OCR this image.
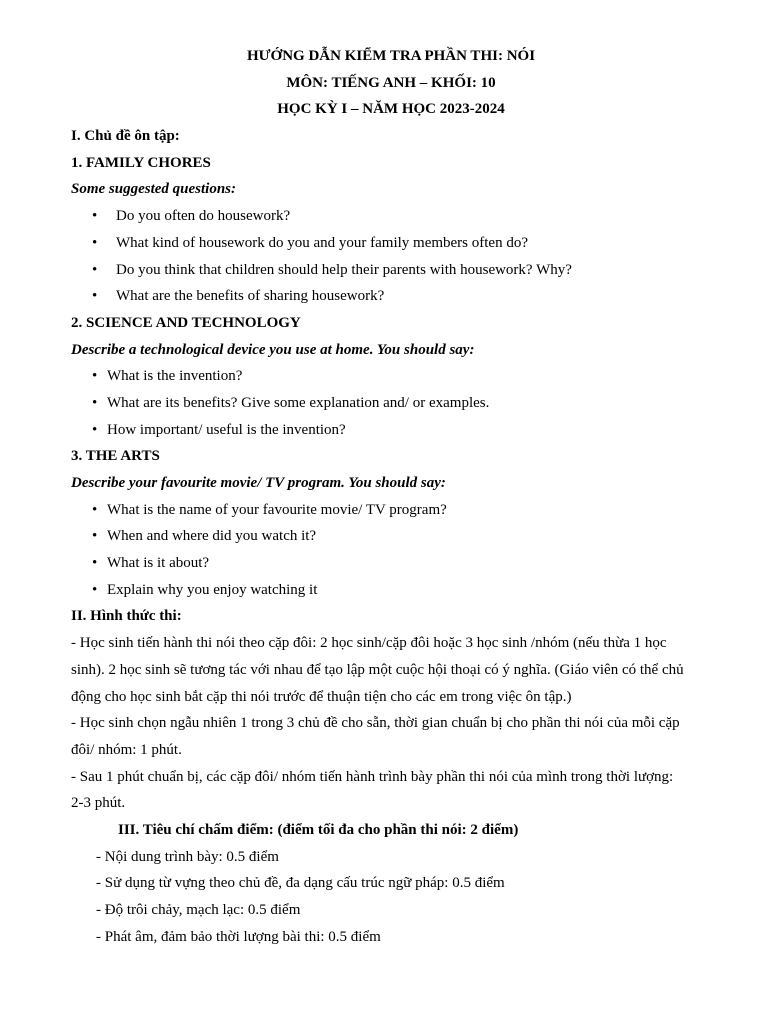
HƯỚNG DẪN KIỂM TRA PHẦN THI: NÓI
MÔN: TIẾNG ANH – KHỐI: 10
HỌC KỲ I – NĂM HỌC 2023-2024
I. Chủ đề ôn tập:
1. FAMILY CHORES
Some suggested questions:
• Do you often do housework?
• What kind of housework do you and your family members often do?
• Do you think that children should help their parents with housework? Why?
• What are the benefits of sharing housework?
2. SCIENCE AND TECHNOLOGY
Describe a technological device you use at home. You should say:
• What is the invention?
• What are its benefits? Give some explanation and/ or examples.
• How important/ useful is the invention?
3. THE ARTS
Describe your favourite movie/ TV program. You should say:
• What is the name of your favourite movie/ TV program?
• When and where did you watch it?
• What is it about?
• Explain why you enjoy watching it
II. Hình thức thi:
- Học sinh tiến hành thi nói theo cặp đôi: 2 học sinh/cặp đôi hoặc 3 học sinh /nhóm (nếu thừa 1 học
sinh). 2 học sinh sẽ tương tác với nhau để tạo lập một cuộc hội thoại có ý nghĩa. (Giáo viên có thể chủ
động cho học sinh bắt cặp thi nói trước để thuận tiện cho các em trong việc ôn tập.)
- Học sinh chọn ngẫu nhiên 1 trong 3 chủ đề cho sẵn, thời gian chuẩn bị cho phần thi nói của mỗi cặp
đôi/ nhóm: 1 phút.
- Sau 1 phút chuẩn bị, các cặp đôi/ nhóm tiến hành trình bày phần thi nói của mình trong thời lượng:
2-3 phút.
III. Tiêu chí chấm điểm: (điểm tối đa cho phần thi nói: 2 điểm)
- Nội dung trình bày: 0.5 điểm
- Sử dụng từ vựng theo chủ đề, đa dạng cấu trúc ngữ pháp: 0.5 điểm
- Độ trôi chảy, mạch lạc: 0.5 điểm
- Phát âm, đảm bảo thời lượng bài thi: 0.5 điểm
